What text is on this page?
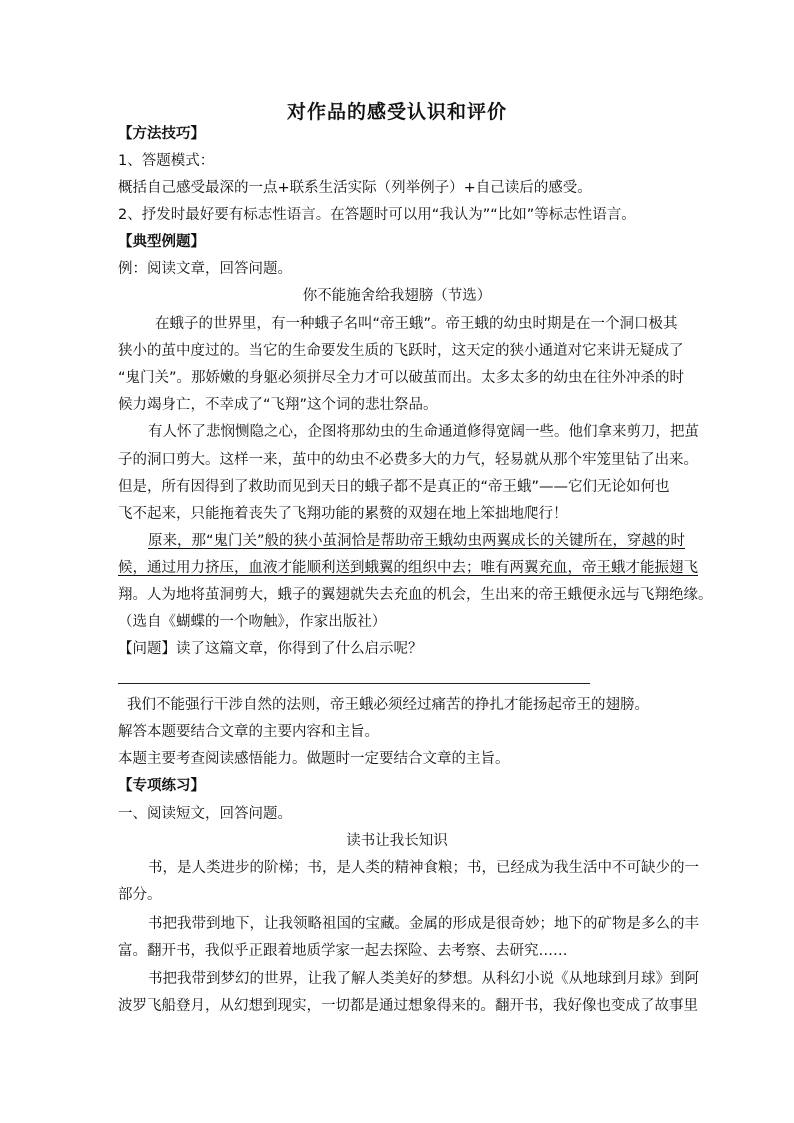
对作品的感受认识和评价
【方法技巧】
1、答题模式：
概括自己感受最深的一点+联系生活实际（列举例子）+自己读后的感受。
2、抒发时最好要有标志性语言。在答题时可以用“我认为”“比如”等标志性语言。
【典型例题】
例：阅读文章，回答问题。
你不能施舍给我翅膀（节选）
在蛾子的世界里，有一种蛾子名叫“帝王蛾”。帝王蛾的幼虫时期是在一个洞口极其
狭小的茧中度过的。当它的生命要发生质的飞跃时，这天定的狭小通道对它来讲无疑成了
“鬼门关”。那娇嫩的身躯必须拼尽全力才可以破茧而出。太多太多的幼虫在往外冲杀的时
候力竭身亡，不幸成了“飞翔”这个词的悲壮祭品。
有人怀了悲悯恻隐之心，企图将那幼虫的生命通道修得宽阔一些。他们拿来剪刀，把茧
子的洞口剪大。这样一来，茧中的幼虫不必费多大的力气，轻易就从那个牢笼里钻了出来。
但是，所有因得到了救助而见到天日的蛾子都不是真正的“帝王蛾”——它们无论如何也
飞不起来，只能拖着丧失了飞翔功能的累赘的双翅在地上笨拙地爬行！
原来，那“鬼门关”般的狭小茧洞恰是帮助帝王蛾幼虫两翼成长的关键所在，穿越的时
候，通过用力挤压，血液才能顺利送到蛾翼的组织中去；唯有两翼充血，帝王蛾才能振翅飞
翔。人为地将茧洞剪大，蛾子的翼翅就失去充血的机会，生出来的帝王蛾便永远与飞翔绝缘。
（选自《蝴蝶的一个吻触》，作家出版社）
【问题】读了这篇文章，你得到了什么启示呢？
我们不能强行干涉自然的法则，帝王蛾必须经过痛苦的挣扎才能扬起帝王的翅膀。
解答本题要结合文章的主要内容和主旨。
本题主要考查阅读感悟能力。做题时一定要结合文章的主旨。
【专项练习】
一、阅读短文，回答问题。
读书让我长知识
书，是人类进步的阶梯；书，是人类的精神食粮；书，已经成为我生活中不可缺少的一
部分。
书把我带到地下，让我领略祖国的宝藏。金属的形成是很奇妙；地下的矿物是多么的丰
富。翻开书，我似乎正跟着地质学家一起去探险、去考察、去研究……
书把我带到梦幻的世界，让我了解人类美好的梦想。从科幻小说《从地球到月球》到阿
波罗飞船登月，从幻想到现实，一切都是通过想象得来的。翻开书，我好像也变成了故事里
